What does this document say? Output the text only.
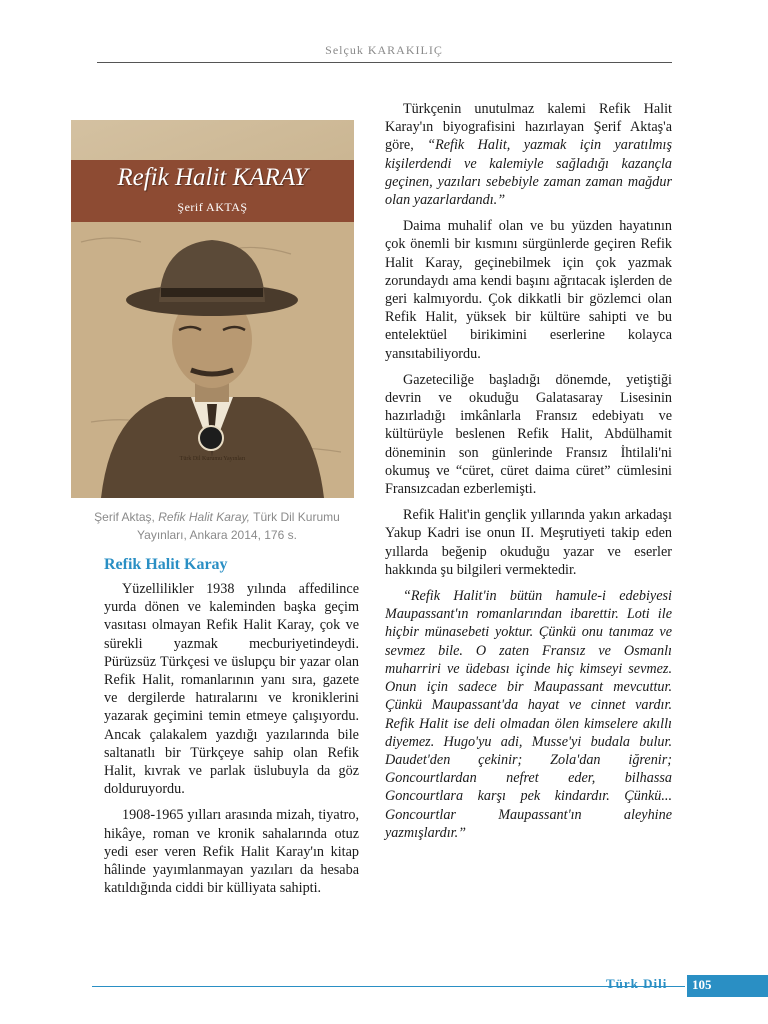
Selçuk KARAKILIÇ
Refik Halit KARAY
Şerif AKTAŞ
Türk Dil Kurumu Yayınları
Şerif Aktaş, Refik Halit Karay, Türk Dil Kurumu Yayınları, Ankara 2014, 176 s.
Refik Halit Karay

Yüzellilikler 1938 yılında affedilince yurda dönen ve kaleminden başka geçim vasıtası olmayan Refik Halit Karay, çok ve sürekli yazmak mecburiyetindeydi. Pürüzsüz Türkçesi ve üslupçu bir yazar olan Refik Halit, romanlarının yanı sıra, gazete ve dergilerde hatıralarını ve kroniklerini yazarak geçimini temin etmeye çalışıyordu. Ancak çalakalem yazdığı yazılarında bile saltanatlı bir Türkçeye sahip olan Refik Halit, kıvrak ve parlak üslubuyla da göz dolduruyordu.

1908-1965 yılları arasında mizah, tiyatro, hikâye, roman ve kronik sahalarında otuz yedi eser veren Refik Halit Karay'ın kitap hâlinde yayımlanmayan yazıları da hesaba katıldığında ciddi bir külliyata sahipti.

Türkçenin unutulmaz kalemi Refik Halit Karay'ın biyografisini hazırlayan Şerif Aktaş'a göre, “Refik Halit, yazmak için yaratılmış kişilerdendi ve kalemiyle sağladığı kazançla geçinen, yazıları sebebiyle zaman zaman mağdur olan yazarlardandı.”

Daima muhalif olan ve bu yüzden hayatının çok önemli bir kısmını sürgünlerde geçiren Refik Halit Karay, geçinebilmek için çok yazmak zorundaydı ama kendi başını ağrıtacak işlerden de geri kalmıyordu. Çok dikkatli bir gözlemci olan Refik Halit, yüksek bir kültüre sahipti ve bu entelektüel birikimini eserlerine kolayca yansıtabiliyordu.

Gazeteciliğe başladığı dönemde, yetiştiği devrin ve okuduğu Galatasaray Lisesinin hazırladığı imkânlarla Fransız edebiyatı ve kültürüyle beslenen Refik Halit, Abdülhamit döneminin son günlerinde Fransız İhtilali'ni okumuş ve “cüret, cüret daima cüret” cümlesini Fransızcadan ezberlemişti.

Refik Halit'in gençlik yıllarında yakın arkadaşı Yakup Kadri ise onun II. Meşrutiyeti takip eden yıllarda beğenip okuduğu yazar ve eserler hakkında şu bilgileri vermektedir.

“Refik Halit'in bütün hamule-i edebiyesi Maupassant'ın romanlarından ibarettir. Loti ile hiçbir münasebeti yoktur. Çünkü onu tanımaz ve sevmez bile. O zaten Fransız ve Osmanlı muharriri ve üdebası içinde hiç kimseyi sevmez. Onun için sadece bir Maupassant mevcuttur. Çünkü Maupassant'da hayat ve cinnet vardır. Refik Halit ise deli olmadan ölen kimselere akıllı diyemez. Hugo'yu adi, Musse'yi budala bulur. Daudet'den çekinir; Zola'dan iğrenir; Goncourtlardan nefret eder, bilhassa Goncourtlara karşı pek kindardır. Çünkü... Goncourtlar Maupassant'ın aleyhine yazmışlardır.”

Türk Dili 105
